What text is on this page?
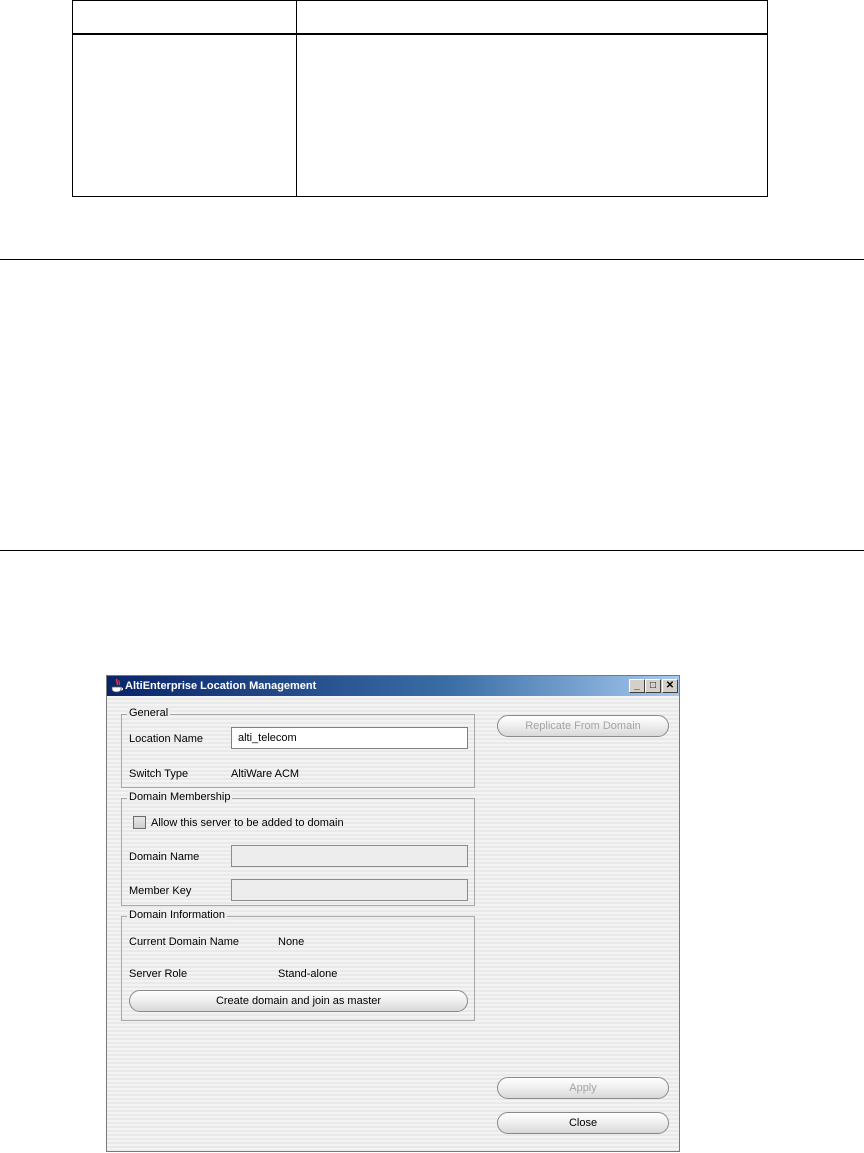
AltiEnterprise Location Management	_	□ ✕
General
Location Name	alti_telecom
Switch Type	AltiWare ACM
Domain Membership
Allow this server to be added to domain
Domain Name
Member Key
Domain Information
Current Domain Name	None
Server Role	Stand-alone
Create domain and join as master
Replicate From Domain
Apply
Close
